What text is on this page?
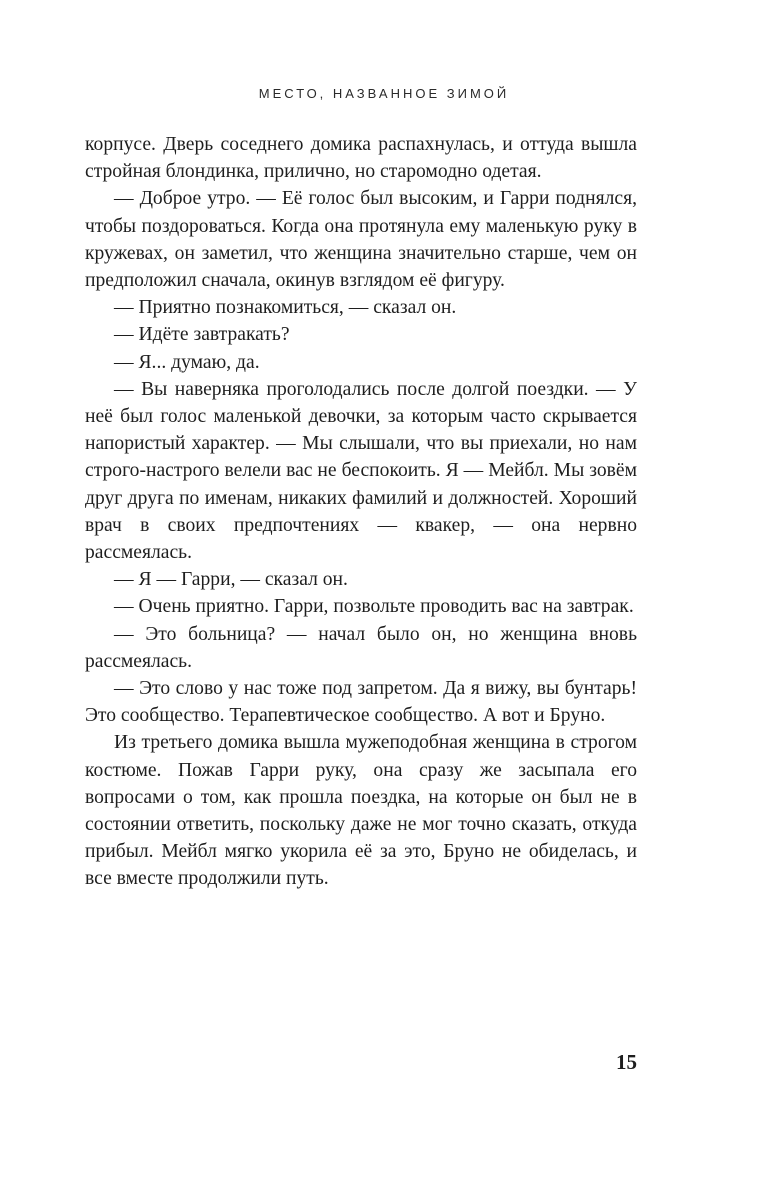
МЕСТО, НАЗВАННОЕ ЗИМОЙ

корпусе. Дверь соседнего домика распахнулась, и оттуда вышла стройная блондинка, прилично, но старомодно одетая.

— Доброе утро. — Её голос был высоким, и Гарри поднялся, чтобы поздороваться. Когда она протянула ему маленькую руку в кружевах, он заметил, что женщина значительно старше, чем он предположил сначала, окинув взглядом её фигуру.

— Приятно познакомиться, — сказал он.

— Идёте завтракать?

— Я... думаю, да.

— Вы наверняка проголодались после долгой поездки. — У неё был голос маленькой девочки, за которым часто скрывается напористый характер. — Мы слышали, что вы приехали, но нам строго-настрого велели вас не беспокоить. Я — Мейбл. Мы зовём друг друга по именам, никаких фамилий и должностей. Хороший врач в своих предпочтениях — квакер, — она нервно рассмеялась.

— Я — Гарри, — сказал он.

— Очень приятно. Гарри, позвольте проводить вас на завтрак.

— Это больница? — начал было он, но женщина вновь рассмеялась.

— Это слово у нас тоже под запретом. Да я вижу, вы бунтарь! Это сообщество. Терапевтическое сообщество. А вот и Бруно.

Из третьего домика вышла мужеподобная женщина в строгом костюме. Пожав Гарри руку, она сразу же засыпала его вопросами о том, как прошла поездка, на которые он был не в состоянии ответить, поскольку даже не мог точно сказать, откуда прибыл. Мейбл мягко укорила её за это, Бруно не обиделась, и все вместе продолжили путь.

15
